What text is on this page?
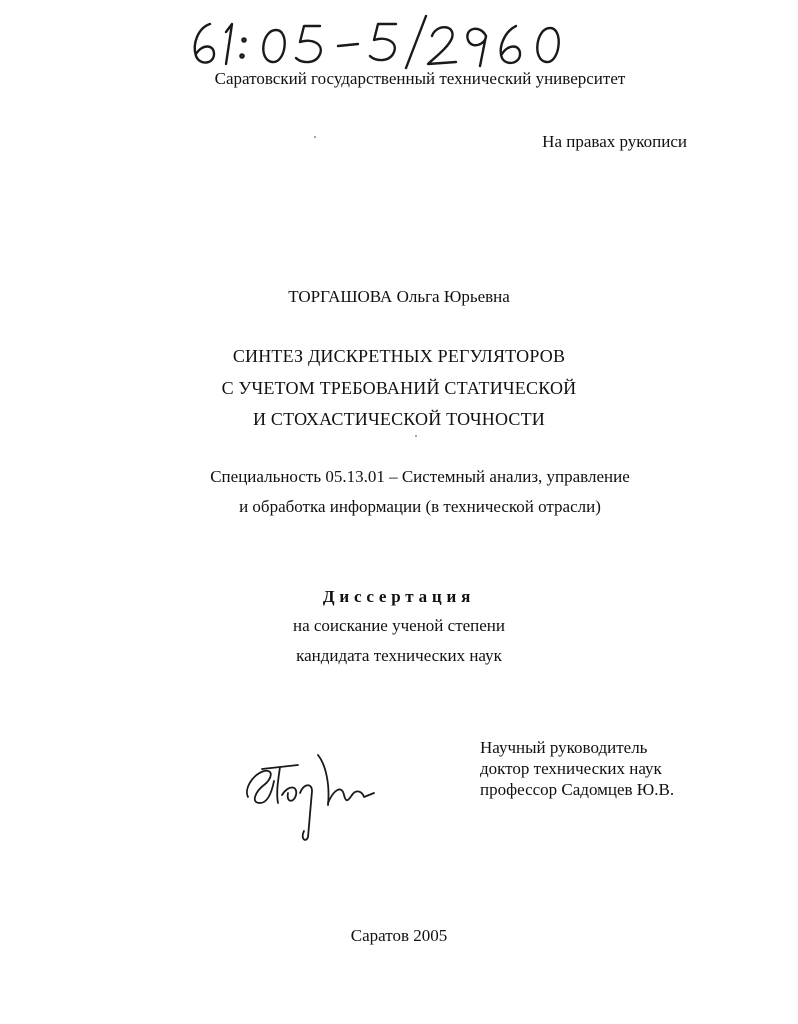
Саратовский государственный технический университет
На правах рукописи
ТОРГАШОВА Ольга Юрьевна
СИНТЕЗ ДИСКРЕТНЫХ РЕГУЛЯТОРОВ
С УЧЕТОМ ТРЕБОВАНИЙ СТАТИЧЕСКОЙ
И СТОХАСТИЧЕСКОЙ ТОЧНОСТИ
Специальность 05.13.01 – Системный анализ, управление
и обработка информации (в технической отрасли)
Диссертация
на соискание ученой степени
кандидата технических наук
Научный руководитель
доктор технических наук
профессор Садомцев Ю.В.
Саратов 2005
